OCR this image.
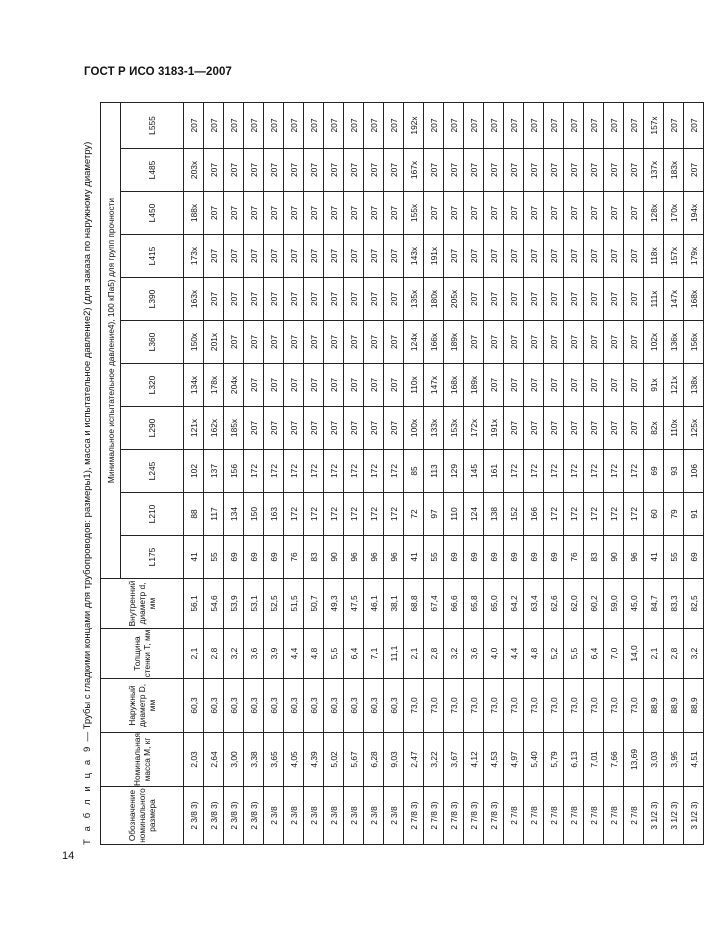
ГОСТ Р ИСО 3183-1—2007
14
Т а б л и ц а 9 — Трубы с гладкими концами для трубопроводов: размеры1), масса и испытательное давление2) (для заказа по наружному диаметру)
Обозначение номинального размера	Номинальная масса M, кг	Наружный диаметр D, мм	Толщина стенки T, мм	Внутренний диаметр d, мм	Минимальное испытательное давление4), 100 кПа5) для групп прочности										
					L175	L210	L245	L290	L320	L360	L390	L415	L450	L485	L555
2 3/8 3)	2,03	60,3	2,1	56,1	41	88	102	121x	134x	150x	163x	173x	188x	203x	207
2 3/8 3)	2,64	60,3	2,8	54,6	55	117	137	162x	178x	201x	207	207	207	207	207
2 3/8 3)	3,00	60,3	3,2	53,9	69	134	156	185x	204x	207	207	207	207	207	207
2 3/8 3)	3,38	60,3	3,6	53,1	69	150	172	207	207	207	207	207	207	207	207
2 3/8	3,65	60,3	3,9	52,5	69	163	172	207	207	207	207	207	207	207	207
2 3/8	4,05	60,3	4,4	51,5	76	172	172	207	207	207	207	207	207	207	207
2 3/8	4,39	60,3	4,8	50,7	83	172	172	207	207	207	207	207	207	207	207
2 3/8	5,02	60,3	5,5	49,3	90	172	172	207	207	207	207	207	207	207	207
2 3/8	5,67	60,3	6,4	47,5	96	172	172	207	207	207	207	207	207	207	207
2 3/8	6,28	60,3	7,1	46,1	96	172	172	207	207	207	207	207	207	207	207
2 3/8	9,03	60,3	11,1	38,1	96	172	172	207	207	207	207	207	207	207	207
2 7/8 3)	2,47	73,0	2,1	68,8	41	72	85	100x	110x	124x	135x	143x	155x	167x	192x
2 7/8 3)	3,22	73,0	2,8	67,4	55	97	113	133x	147x	166x	180x	191x	207	207	207
2 7/8 3)	3,67	73,0	3,2	66,6	69	110	129	153x	168x	189x	205x	207	207	207	207
2 7/8 3)	4,12	73,0	3,6	65,8	69	124	145	172x	189x	207	207	207	207	207	207
2 7/8 3)	4,53	73,0	4,0	65,0	69	138	161	191x	207	207	207	207	207	207	207
2 7/8	4,97	73,0	4,4	64,2	69	152	172	207	207	207	207	207	207	207	207
2 7/8	5,40	73,0	4,8	63,4	69	166	172	207	207	207	207	207	207	207	207
2 7/8	5,79	73,0	5,2	62,6	69	172	172	207	207	207	207	207	207	207	207
2 7/8	6,13	73,0	5,5	62,0	76	172	172	207	207	207	207	207	207	207	207
2 7/8	7,01	73,0	6,4	60,2	83	172	172	207	207	207	207	207	207	207	207
2 7/8	7,66	73,0	7,0	59,0	90	172	172	207	207	207	207	207	207	207	207
2 7/8	13,69	73,0	14,0	45,0	96	172	172	207	207	207	207	207	207	207	207
3 1/2 3)	3,03	88,9	2,1	84,7	41	60	69	82x	91x	102x	111x	118x	128x	137x	157x
3 1/2 3)	3,95	88,9	2,8	83,3	55	79	93	110x	121x	136x	147x	157x	170x	183x	207
3 1/2 3)	4,51	88,9	3,2	82,5	69	91	106	125x	138x	156x	168x	179x	194x	207	207
